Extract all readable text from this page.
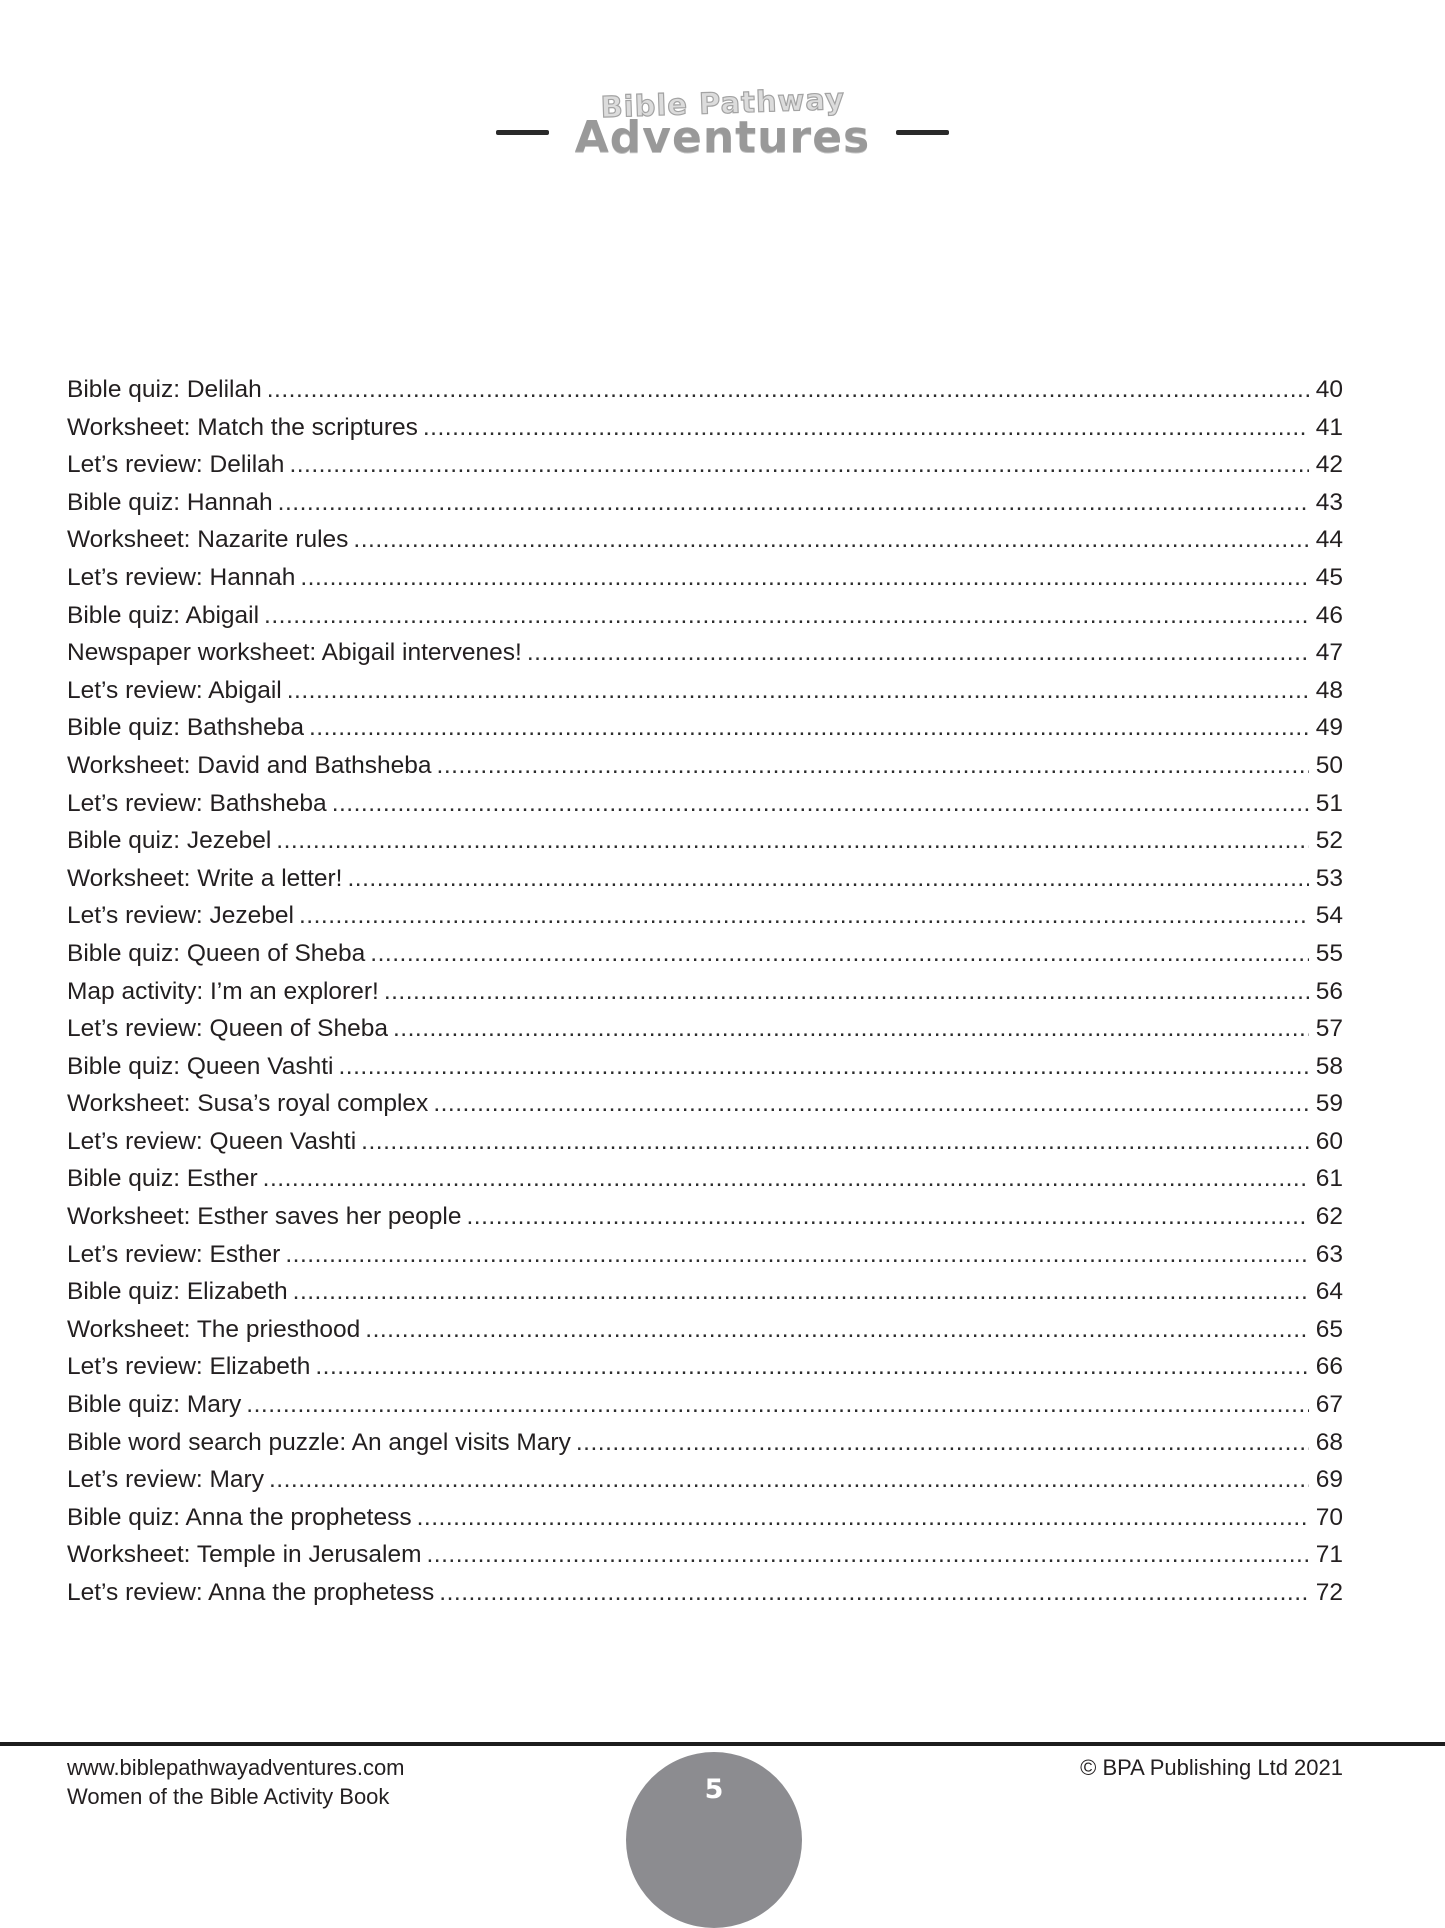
Bible Pathway
Adventures
Bible quiz: Delilah .....	40
Worksheet: Match the scriptures .....	41
Let’s review: Delilah .....	42
Bible quiz: Hannah .....	43
Worksheet: Nazarite rules .....	44
Let’s review: Hannah .....	45
Bible quiz: Abigail .....	46
Newspaper worksheet: Abigail intervenes! .....	47
Let’s review: Abigail .....	48
Bible quiz: Bathsheba .....	49
Worksheet: David and Bathsheba .....	50
Let’s review: Bathsheba .....	51
Bible quiz: Jezebel .....	52
Worksheet: Write a letter! .....	53
Let’s review: Jezebel .....	54
Bible quiz: Queen of Sheba .....	55
Map activity: I’m an explorer! .....	56
Let’s review: Queen of Sheba .....	57
Bible quiz: Queen Vashti .....	58
Worksheet: Susa’s royal complex .....	59
Let’s review: Queen Vashti .....	60
Bible quiz: Esther .....	61
Worksheet: Esther saves her people .....	62
Let’s review: Esther .....	63
Bible quiz: Elizabeth .....	64
Worksheet: The priesthood .....	65
Let’s review: Elizabeth .....	66
Bible quiz: Mary .....	67
Bible word search puzzle: An angel visits Mary .....	68
Let’s review: Mary .....	69
Bible quiz: Anna the prophetess .....	70
Worksheet: Temple in Jerusalem .....	71
Let’s review: Anna the prophetess .....	72
www.biblepathwayadventures.com
Women of the Bible Activity Book
© BPA Publishing Ltd 2021
5
